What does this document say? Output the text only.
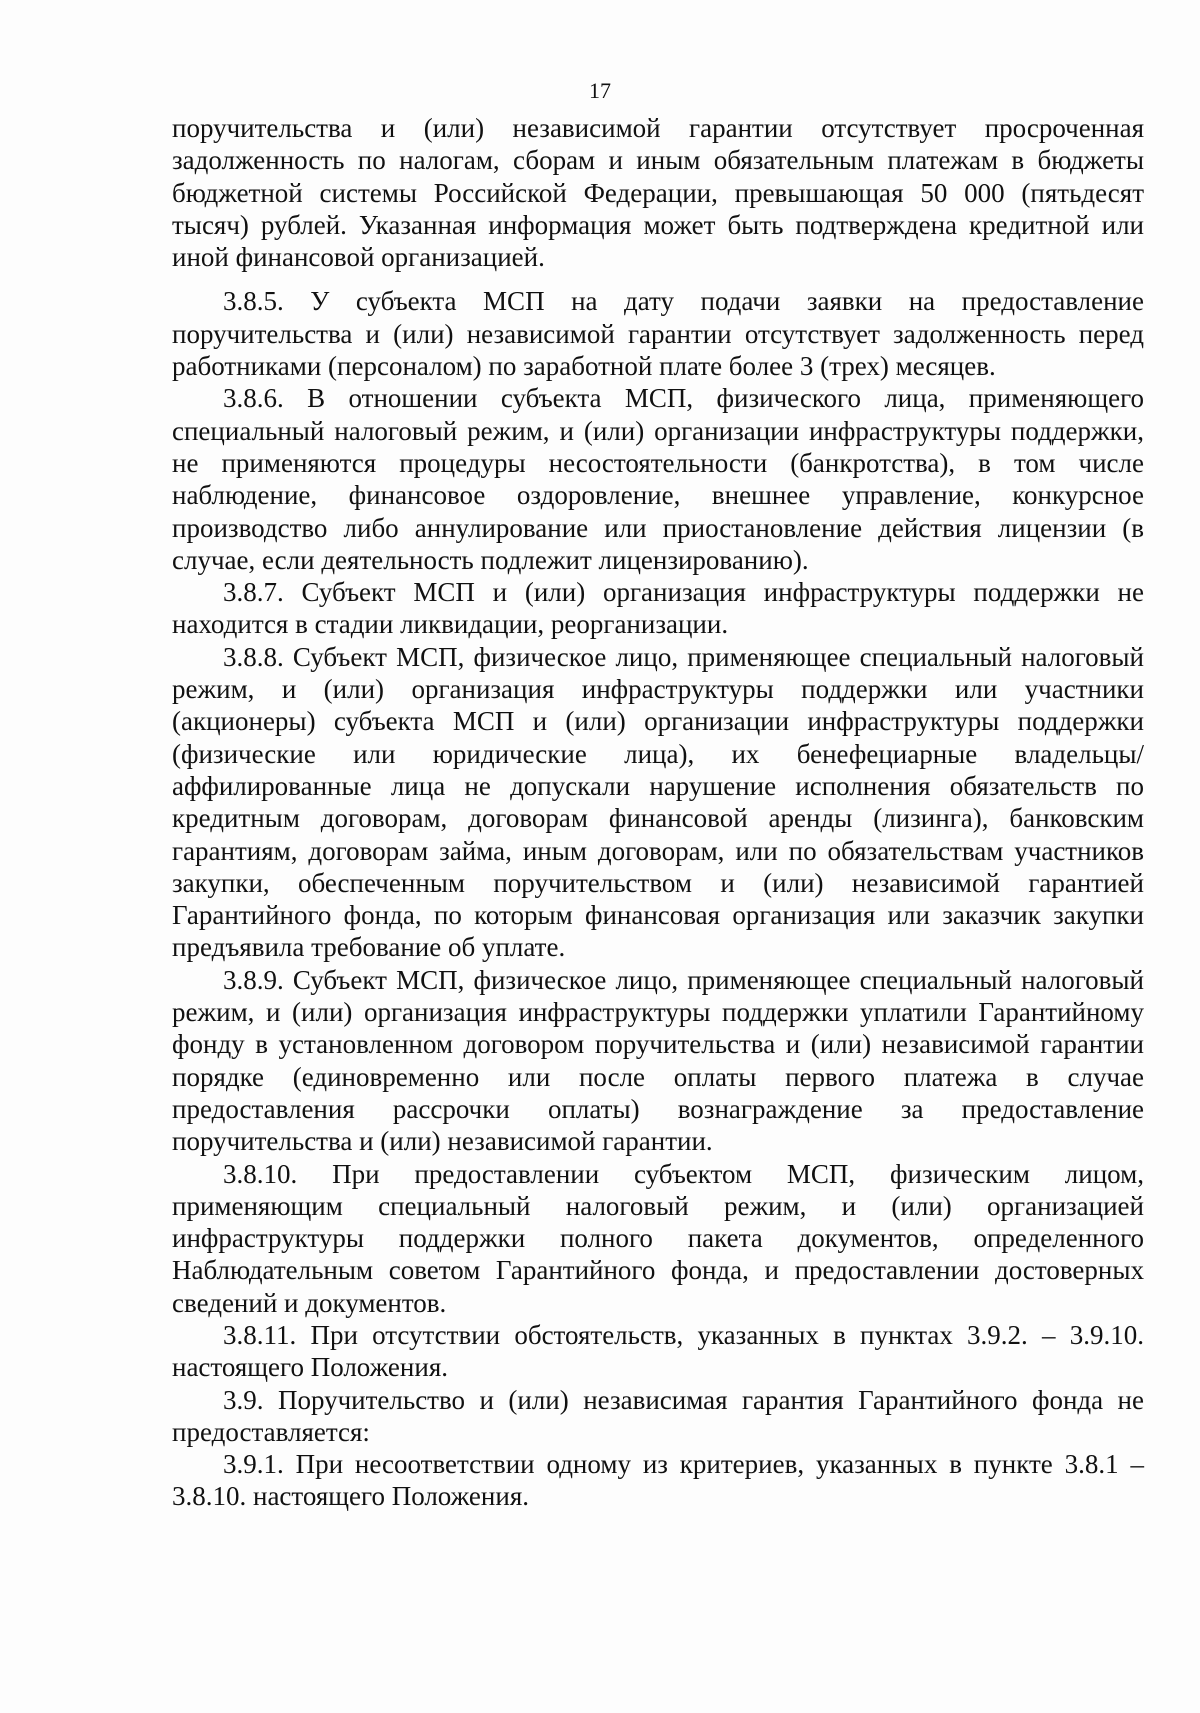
17

поручительства и (или) независимой гарантии отсутствует просроченная задолженность по налогам, сборам и иным обязательным платежам в бюджеты бюджетной системы Российской Федерации, превышающая 50 000 (пятьдесят тысяч) рублей. Указанная информация может быть подтверждена кредитной или иной финансовой организацией.

3.8.5. У субъекта МСП на дату подачи заявки на предоставление поручительства и (или) независимой гарантии отсутствует задолженность перед работниками (персоналом) по заработной плате более 3 (трех) месяцев.

3.8.6. В отношении субъекта МСП, физического лица, применяющего специальный налоговый режим, и (или) организации инфраструктуры поддержки, не применяются процедуры несостоятельности (банкротства), в том числе наблюдение, финансовое оздоровление, внешнее управление, конкурсное производство либо аннулирование или приостановление действия лицензии (в случае, если деятельность подлежит лицензированию).

3.8.7. Субъект МСП и (или) организация инфраструктуры поддержки не находится в стадии ликвидации, реорганизации.

3.8.8. Субъект МСП, физическое лицо, применяющее специальный налоговый режим, и (или) организация инфраструктуры поддержки или участники (акционеры) субъекта МСП и (или) организации инфраструктуры поддержки (физические или юридические лица), их бенефециарные владельцы/аффилированные лица не допускали нарушение исполнения обязательств по кредитным договорам, договорам финансовой аренды (лизинга), банковским гарантиям, договорам займа, иным договорам, или по обязательствам участников закупки, обеспеченным поручительством и (или) независимой гарантией Гарантийного фонда, по которым финансовая организация или заказчик закупки предъявила требование об уплате.

3.8.9. Субъект МСП, физическое лицо, применяющее специальный налоговый режим, и (или) организация инфраструктуры поддержки уплатили Гарантийному фонду в установленном договором поручительства и (или) независимой гарантии порядке (единовременно или после оплаты первого платежа в случае предоставления рассрочки оплаты) вознаграждение за предоставление поручительства и (или) независимой гарантии.

3.8.10. При предоставлении субъектом МСП, физическим лицом, применяющим специальный налоговый режим, и (или) организацией инфраструктуры поддержки полного пакета документов, определенного Наблюдательным советом Гарантийного фонда, и предоставлении достоверных сведений и документов.

3.8.11. При отсутствии обстоятельств, указанных в пунктах 3.9.2. – 3.9.10. настоящего Положения.

3.9. Поручительство и (или) независимая гарантия Гарантийного фонда не предоставляется:

3.9.1. При несоответствии одному из критериев, указанных в пункте 3.8.1 – 3.8.10. настоящего Положения.
